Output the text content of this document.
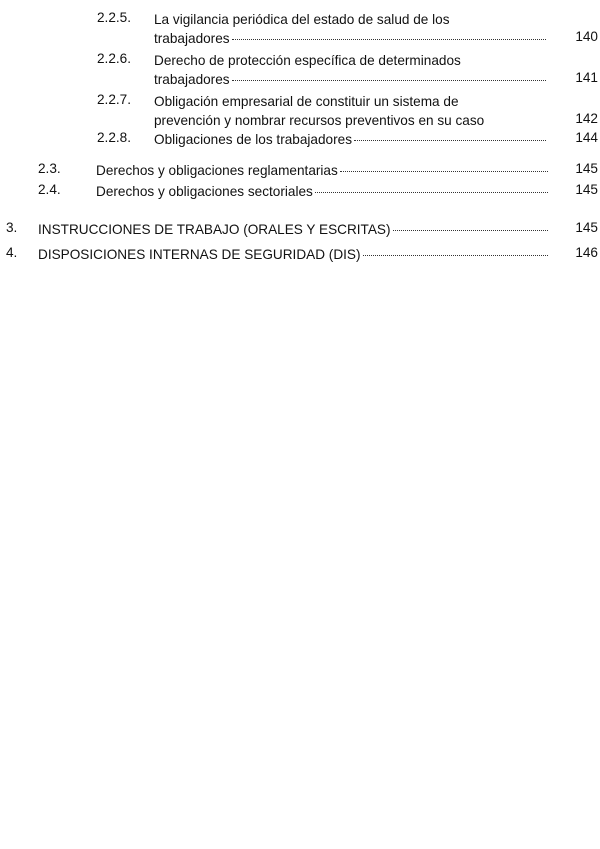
2.2.5. La vigilancia periódica del estado de salud de los
trabajadores	140
2.2.6. Derecho de protección específica de determinados
trabajadores	141
2.2.7. Obligación empresarial de constituir un sistema de
prevención y nombrar recursos preventivos en su caso	142
2.2.8. Obligaciones de los trabajadores	144
2.3.	Derechos y obligaciones reglamentarias	145
2.4.	Derechos y obligaciones sectoriales	145
3. INSTRUCCIONES DE TRABAJO (ORALES Y ESCRITAS)	145
4. DISPOSICIONES INTERNAS DE SEGURIDAD (DIS)	146
